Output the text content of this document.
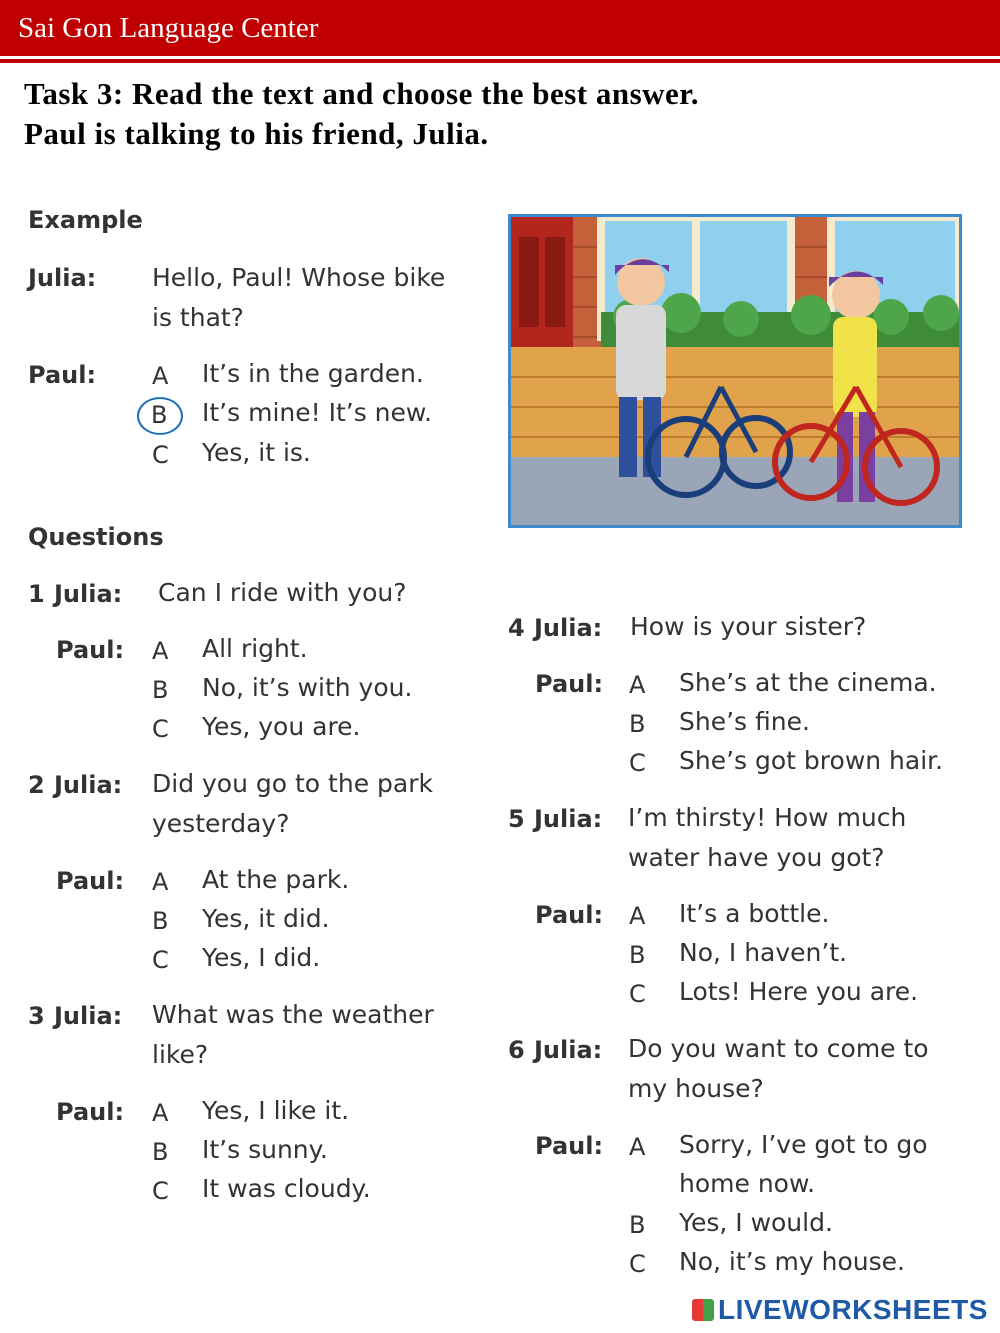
Sai Gon Language Center
Task 3: Read the text and choose the best answer.
Paul is talking to his friend, Julia.
Example
Julia: Hello, Paul! Whose bike
is that?
Paul: A It’s in the garden.
B It’s mine! It’s new.
C Yes, it is.
Questions
1 Julia: Can I ride with you?
Paul: A All right.
B No, it’s with you.
C Yes, you are.
2 Julia: Did you go to the park
yesterday?
Paul: A At the park.
B Yes, it did.
C Yes, I did.
3 Julia: What was the weather
like?
Paul: A Yes, I like it.
B It’s sunny.
C It was cloudy.
4 Julia: How is your sister?
Paul: A She’s at the cinema.
B She’s fine.
C She’s got brown hair.
5 Julia: I’m thirsty! How much
water have you got?
Paul: A It’s a bottle.
B No, I haven’t.
C Lots! Here you are.
6 Julia: Do you want to come to
my house?
Paul: A Sorry, I’ve got to go
home now.
B Yes, I would.
C No, it’s my house.
LIVEWORKSHEETS
